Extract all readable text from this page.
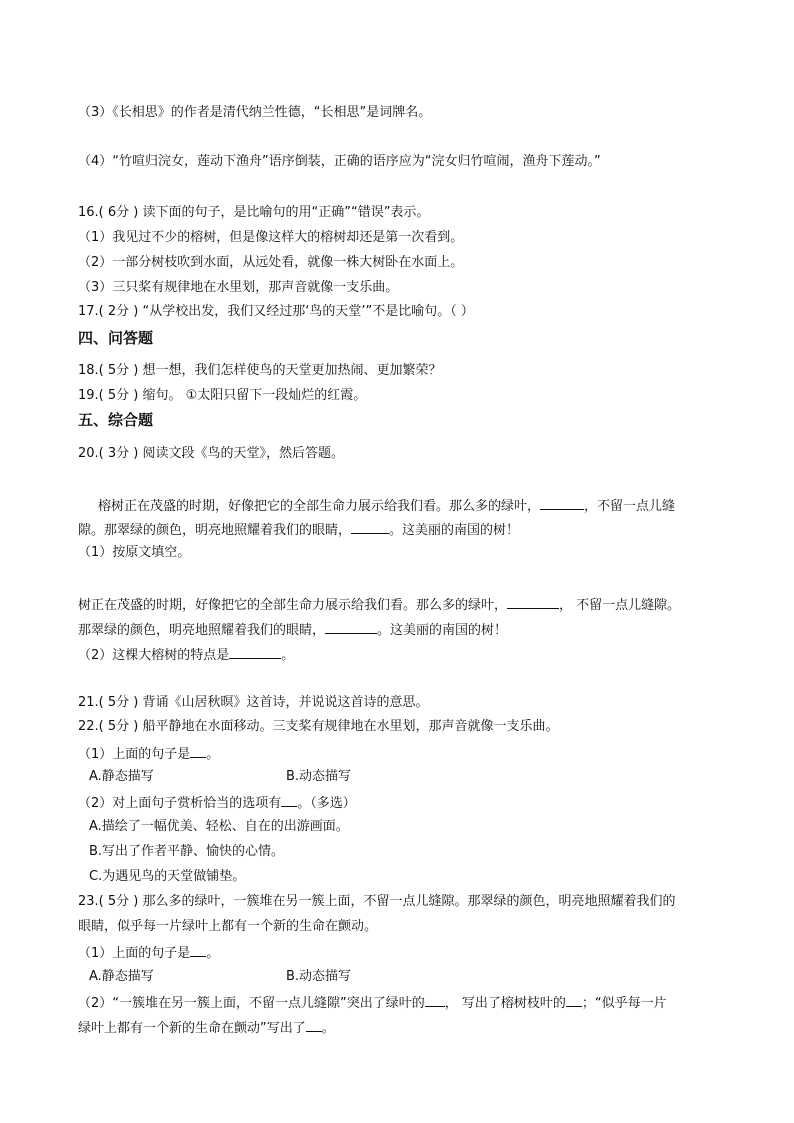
（3）《长相思》的作者是清代纳兰性德，“长相思”是词牌名。
（4）“竹喧归浣女，莲动下渔舟”语序倒装，正确的语序应为“浣女归竹喧闹，渔舟下莲动。”
16.( 6分 ) 读下面的句子，是比喻句的用“正确”“错误”表示。
（1）我见过不少的榕树，但是像这样大的榕树却还是第一次看到。
（2）一部分树枝吹到水面，从远处看，就像一株大树卧在水面上。
（3）三只桨有规律地在水里划，那声音就像一支乐曲。
17.( 2分 ) “从学校出发，我们又经过那‘鸟的天堂’”不是比喻句。（ ）
四、问答题
18.( 5分 ) 想一想，我们怎样使鸟的天堂更加热闹、更加繁荣？
19.( 5分 ) 缩句。 ①太阳只留下一段灿烂的红霞。
五、综合题
20.( 3分 ) 阅读文段《鸟的天堂》，然后答题。
榕树正在茂盛的时期，好像把它的全部生命力展示给我们看。那么多的绿叶，	，不留一点儿缝
隙。那翠绿的颜色，明亮地照耀着我们的眼睛，	。这美丽的南国的树！
（1）按原文填空。
树正在茂盛的时期，好像把它的全部生命力展示给我们看。那么多的绿叶，	， 不留一点儿缝隙。
那翠绿的颜色，明亮地照耀着我们的眼睛，	。这美丽的南国的树！
（2）这棵大榕树的特点是	。
21.( 5分 ) 背诵《山居秋暝》这首诗，并说说这首诗的意思。
22.( 5分 ) 船平静地在水面移动。三支桨有规律地在水里划，那声音就像一支乐曲。
（1）上面的句子是 。
A.静态描写	B.动态描写
（2）对上面句子赏析恰当的选项有 。（多选）
A.描绘了一幅优美、轻松、自在的出游画面。
B.写出了作者平静、愉快的心情。
C.为遇见鸟的天堂做铺垫。
23.( 5分 ) 那么多的绿叶，一簇堆在另一簇上面，不留一点儿缝隙。那翠绿的颜色，明亮地照耀着我们的
眼睛，似乎每一片绿叶上都有一个新的生命在颤动。
（1）上面的句子是 。
A.静态描写	B.动态描写
（2）“一簇堆在另一簇上面，不留一点儿缝隙”突出了绿叶的 ， 写出了榕树枝叶的 ；“似乎每一片
绿叶上都有一个新的生命在颤动”写出了 。
